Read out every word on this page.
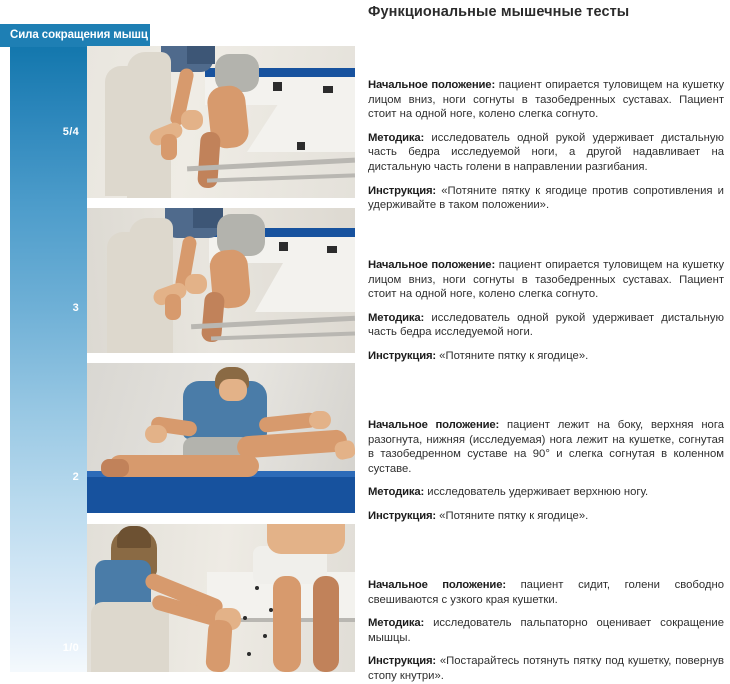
Функциональные мышечные тесты
5/4
3
2
1/0
Сила сокращения мышц

Начальное положение: пациент опирается туловищем на кушетку лицом вниз, ноги согнуты в тазобедренных суставах. Пациент стоит на одной ноге, колено слегка согнуто.

Методика: исследователь одной рукой удерживает дистальную часть бедра исследуемой ноги, а другой надавливает на дистальную часть голени в направлении разгибания.

Инструкция: «Потяните пятку к ягодице против сопротивления и удерживайте в таком положении».

Начальное положение: пациент опирается туловищем на кушетку лицом вниз, ноги согнуты в тазобедренных суставах. Пациент стоит на одной ноге, колено слегка согнуто.

Методика: исследователь одной рукой удерживает дистальную часть бедра исследуемой ноги.

Инструкция: «Потяните пятку к ягодице».

Начальное положение: пациент лежит на боку, верхняя нога разогнута, нижняя (исследуемая) нога лежит на кушетке, согнутая в тазобедренном суставе на 90° и слегка согнутая в коленном суставе.

Методика: исследователь удерживает верхнюю ногу.

Инструкция: «Потяните пятку к ягодице».

Начальное положение: пациент сидит, голени свободно свешиваются с узкого края кушетки.

Методика: исследователь пальпаторно оценивает сокращение мышцы.

Инструкция: «Постарайтесь потянуть пятку под кушетку, повернув стопу кнутри».
